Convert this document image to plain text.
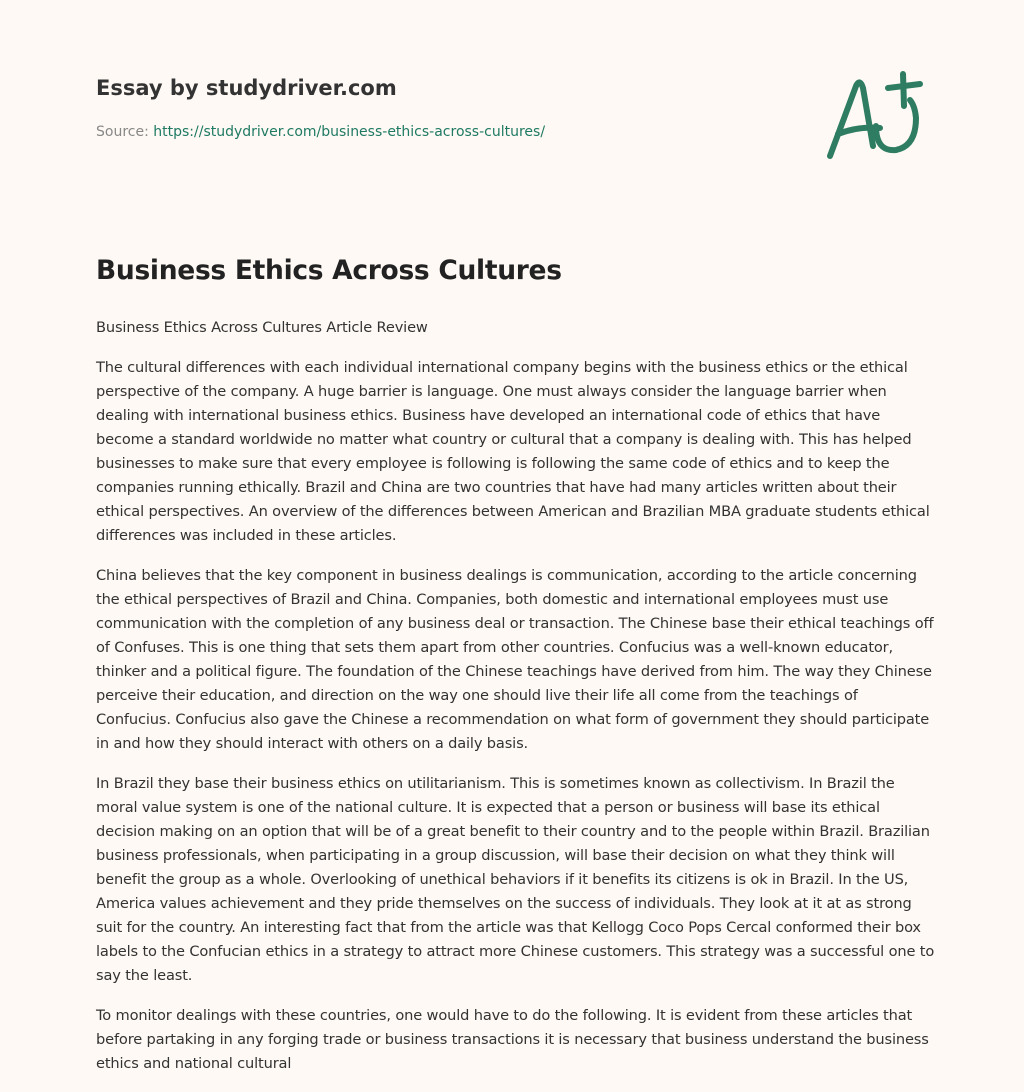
Essay by studydriver.com
Source: https://studydriver.com/business-ethics-across-cultures/
Business Ethics Across Cultures

Business Ethics Across Cultures Article Review

The cultural differences with each individual international company begins with the business ethics or the ethical perspective of the company. A huge barrier is language. One must always consider the language barrier when dealing with international business ethics. Business have developed an international code of ethics that have become a standard worldwide no matter what country or cultural that a company is dealing with. This has helped businesses to make sure that every employee is following is following the same code of ethics and to keep the companies running ethically. Brazil and China are two countries that have had many articles written about their ethical perspectives. An overview of the differences between American and Brazilian MBA graduate students ethical differences was included in these articles.

China believes that the key component in business dealings is communication, according to the article concerning the ethical perspectives of Brazil and China. Companies, both domestic and international employees must use communication with the completion of any business deal or transaction. The Chinese base their ethical teachings off of Confuses. This is one thing that sets them apart from other countries. Confucius was a well-known educator, thinker and a political figure. The foundation of the Chinese teachings have derived from him. The way they Chinese perceive their education, and direction on the way one should live their life all come from the teachings of Confucius. Confucius also gave the Chinese a recommendation on what form of government they should participate in and how they should interact with others on a daily basis.

In Brazil they base their business ethics on utilitarianism. This is sometimes known as collectivism. In Brazil the moral value system is one of the national culture. It is expected that a person or business will base its ethical decision making on an option that will be of a great benefit to their country and to the people within Brazil. Brazilian business professionals, when participating in a group discussion, will base their decision on what they think will benefit the group as a whole. Overlooking of unethical behaviors if it benefits its citizens is ok in Brazil. In the US, America values achievement and they pride themselves on the success of individuals. They look at it at as strong suit for the country. An interesting fact that from the article was that Kellogg Coco Pops Cercal conformed their box labels to the Confucian ethics in a strategy to attract more Chinese customers. This strategy was a successful one to say the least.

To monitor dealings with these countries, one would have to do the following. It is evident from these articles that before partaking in any forging trade or business transactions it is necessary that business understand the business ethics and national cultural
